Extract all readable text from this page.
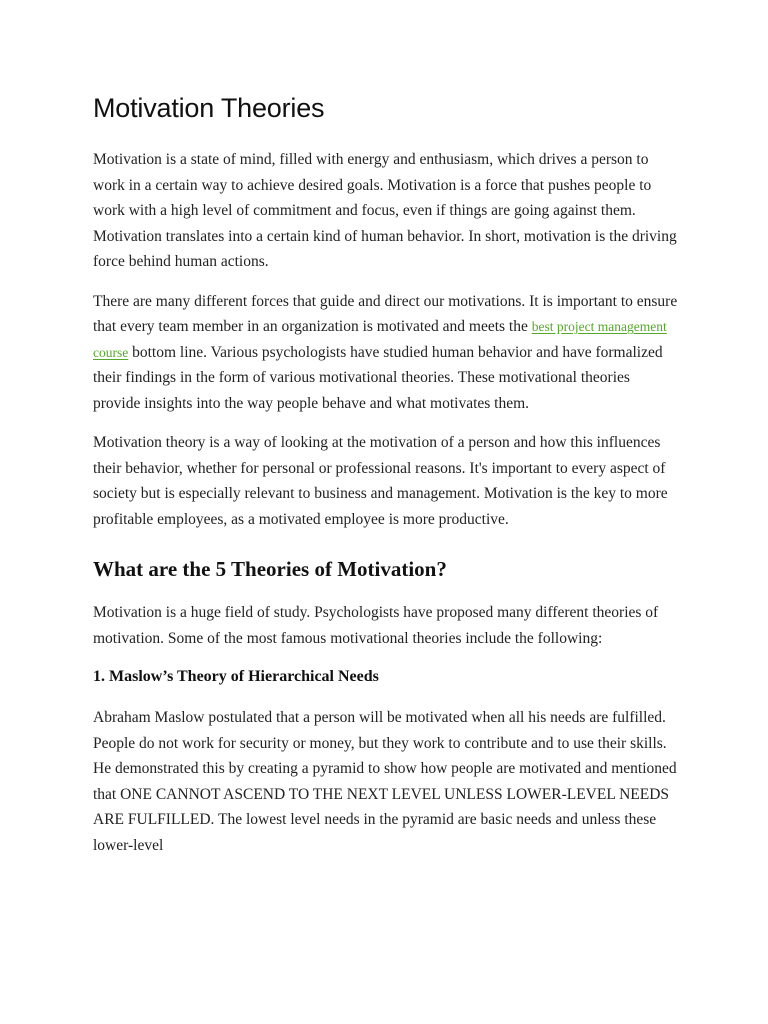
Motivation Theories

Motivation is a state of mind, filled with energy and enthusiasm, which drives a person to work in a certain way to achieve desired goals. Motivation is a force that pushes people to work with a high level of commitment and focus, even if things are going against them. Motivation translates into a certain kind of human behavior. In short, motivation is the driving force behind human actions.

There are many different forces that guide and direct our motivations. It is important to ensure that every team member in an organization is motivated and meets the best project management course bottom line. Various psychologists have studied human behavior and have formalized their findings in the form of various motivational theories. These motivational theories provide insights into the way people behave and what motivates them.

Motivation theory is a way of looking at the motivation of a person and how this influences their behavior, whether for personal or professional reasons. It's important to every aspect of society but is especially relevant to business and management. Motivation is the key to more profitable employees, as a motivated employee is more productive.

What are the 5 Theories of Motivation?

Motivation is a huge field of study. Psychologists have proposed many different theories of motivation. Some of the most famous motivational theories include the following:

1. Maslow’s Theory of Hierarchical Needs

Abraham Maslow postulated that a person will be motivated when all his needs are fulfilled. People do not work for security or money, but they work to contribute and to use their skills. He demonstrated this by creating a pyramid to show how people are motivated and mentioned that ONE CANNOT ASCEND TO THE NEXT LEVEL UNLESS LOWER-LEVEL NEEDS ARE FULFILLED. The lowest level needs in the pyramid are basic needs and unless these lower-level
